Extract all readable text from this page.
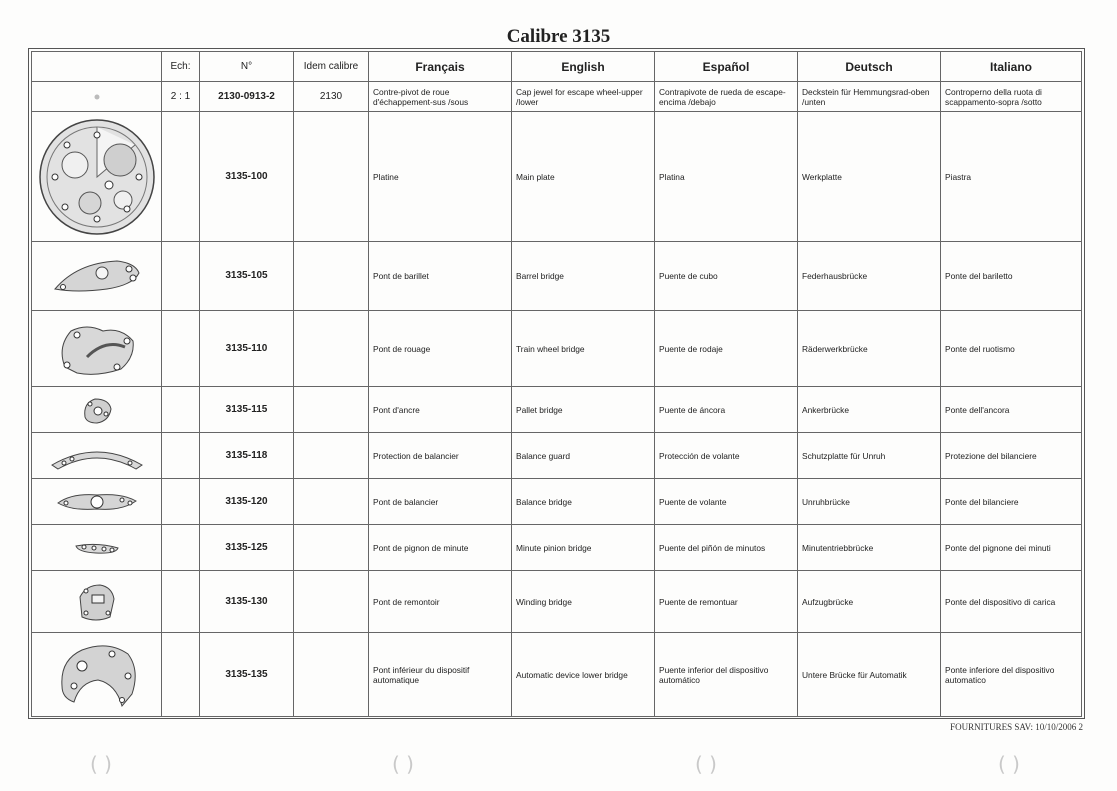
Calibre 3135
	Ech:	N°	Idem calibre	Français	English	Español	Deutsch	Italiano

	2 : 1	2130-0913-2	2130	Contre-pivot de roue d'échappement-sus /sous	Cap jewel for escape wheel-upper /lower	Contrapivote de rueda de escape-encima /debajo	Deckstein für Hemmungsrad-oben /unten	Controperno della ruota di scappamento-sopra /sotto

		3135-100		Platine	Main plate	Platina	Werkplatte	Piastra

		3135-105		Pont de barillet	Barrel bridge	Puente de cubo	Federhausbrücke	Ponte del bariletto

		3135-110		Pont de rouage	Train wheel bridge	Puente de rodaje	Räderwerkbrücke	Ponte del ruotismo

		3135-115		Pont d'ancre	Pallet bridge	Puente de áncora	Ankerbrücke	Ponte dell'ancora

		3135-118		Protection de balancier	Balance guard	Protección de volante	Schutzplatte für Unruh	Protezione del bilanciere

		3135-120		Pont de balancier	Balance bridge	Puente de volante	Unruhbrücke	Ponte del bilanciere

		3135-125		Pont de pignon de minute	Minute pinion bridge	Puente del piñón de minutos	Minutentriebbrücke	Ponte del pignone dei minuti

		3135-130		Pont de remontoir	Winding bridge	Puente de remontuar	Aufzugbrücke	Ponte del dispositivo di carica

		3135-135		Pont inférieur du dispositif automatique	Automatic device lower bridge	Puente inferior del dispositivo automático	Untere Brücke für Automatik	Ponte inferiore del dispositivo automatico
FOURNITURES SAV: 10/10/2006 2
( )	( )	( )	( )
